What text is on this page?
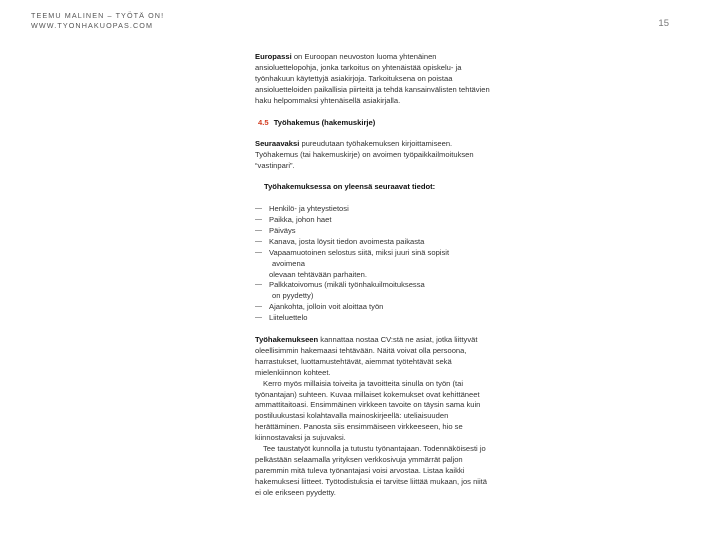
TEEMU MALINEN – TYÖTÄ ON!
WWW.TYONHAKUOPAS.COM	15

Europassi on Euroopan neuvoston luoma yhtenäinen ansioluettelopohja, jonka tarkoitus on yhtenäistää opiskelu- ja työnhakuun käytettyjä asiakirjoja. Tarkoituksena on poistaa ansioluetteloiden paikallisia piirteitä ja tehdä kansainvälisten tehtävien haku helpommaksi yhtenäisellä asiakirjalla.

4.5 Työhakemus (hakemuskirje)

Seuraavaksi pureudutaan työhakemuksen kirjoittamiseen. Työhakemus (tai hakemuskirje) on avoimen työpaikkailmoituksen “vastinpari”.

Työhakemuksessa on yleensä seuraavat tiedot:
— Henkilö- ja yhteystietosi
— Paikka, johon haet
— Päiväys
— Kanava, josta löysit tiedon avoimesta paikasta
— Vapaamuotoinen selostus siitä, miksi juuri sinä sopisit
avoimena
olevaan tehtävään parhaiten.
— Palkkatoivomus (mikäli työnhakuilmoituksessa
on pyydetty)
— Ajankohta, jolloin voit aloittaa työn
— Liiteluettelo

Työhakemukseen kannattaa nostaa CV:stä ne asiat, jotka liittyvät oleellisimmin hakemaasi tehtävään. Näitä voivat olla persoona, harrastukset, luottamustehtävät, aiemmat työtehtävät sekä mielenkiinnon kohteet.

Kerro myös millaisia toiveita ja tavoitteita sinulla on työn (tai työnantajan) suhteen. Kuvaa millaiset kokemukset ovat kehittäneet ammattitaitoasi. Ensimmäinen virkkeen tavoite on täysin sama kuin postiluukustasi kolahtavalla mainoskirjeellä: uteliaisuuden herättäminen. Panosta siis ensimmäiseen virkkeeseen, hio se kiinnostavaksi ja sujuvaksi.

Tee taustatyöt kunnolla ja tutustu työnantajaan. Todennäköisesti jo pelkästään selaamalla yrityksen verkkosivuja ymmärrät paljon paremmin mitä tuleva työnantajasi voisi arvostaa. Listaa kaikki hakemuksesi liitteet. Työtodistuksia ei tarvitse liittää mukaan, jos niitä ei ole erikseen pyydetty.
